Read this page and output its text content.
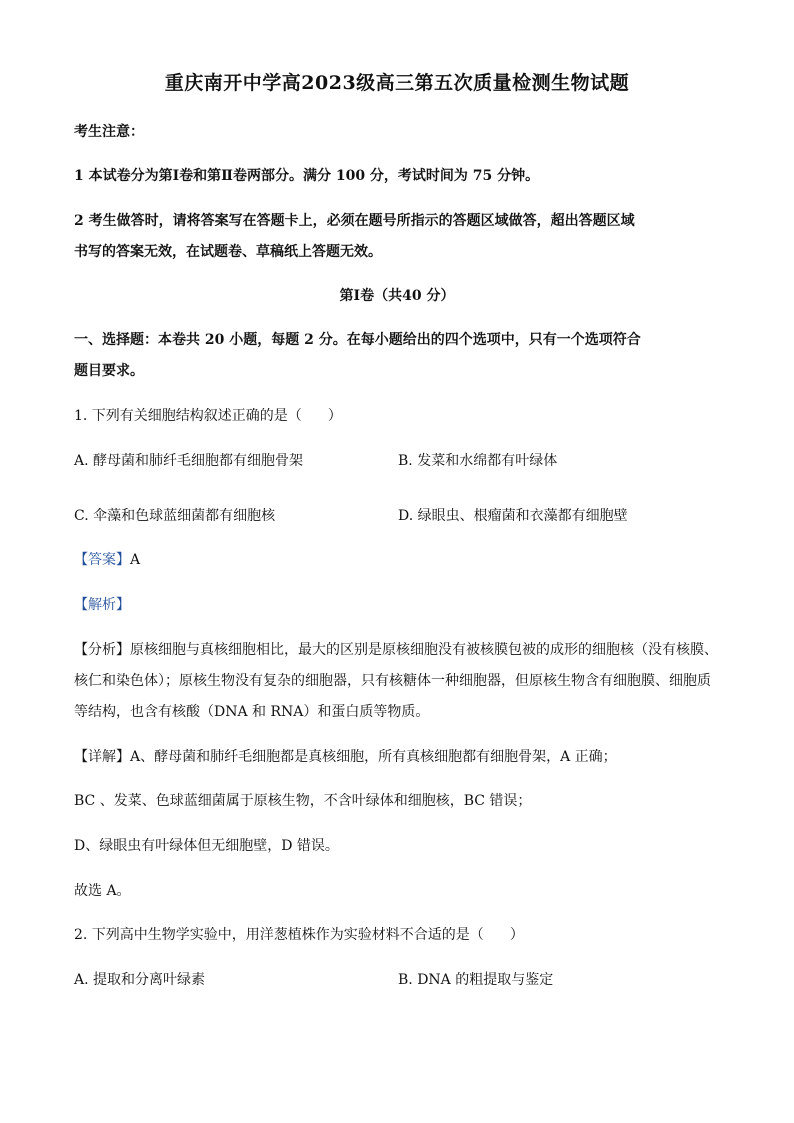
重庆南开中学高2023级高三第五次质量检测生物试题
考生注意：
1 本试卷分为第Ⅰ卷和第Ⅱ卷两部分。满分 100 分，考试时间为 75 分钟。
2 考生做答时，请将答案写在答题卡上，必须在题号所指示的答题区域做答，超出答题区域
书写的答案无效，在试题卷、草稿纸上答题无效。
第Ⅰ卷（共40 分）
一、选择题：本卷共 20 小题，每题 2 分。在每小题给出的四个选项中，只有一个选项符合
题目要求。
1. 下列有关细胞结构叙述正确的是（ ）
A. 酵母菌和肺纤毛细胞都有细胞骨架	B. 发菜和水绵都有叶绿体
C. 伞藻和色球蓝细菌都有细胞核	D. 绿眼虫、根瘤菌和衣藻都有细胞壁
【答案】A
【解析】
【分析】原核细胞与真核细胞相比，最大的区别是原核细胞没有被核膜包被的成形的细胞核（没有核膜、
核仁和染色体）；原核生物没有复杂的细胞器，只有核糖体一种细胞器，但原核生物含有细胞膜、细胞质
等结构，也含有核酸（DNA 和 RNA）和蛋白质等物质。
【详解】A、酵母菌和肺纤毛细胞都是真核细胞，所有真核细胞都有细胞骨架，A 正确；
BC 、发菜、色球蓝细菌属于原核生物，不含叶绿体和细胞核，BC 错误；
D、绿眼虫有叶绿体但无细胞壁，D 错误。
故选 A。
2. 下列高中生物学实验中，用洋葱植株作为实验材料不合适的是（ ）
A. 提取和分离叶绿素	B. DNA 的粗提取与鉴定
